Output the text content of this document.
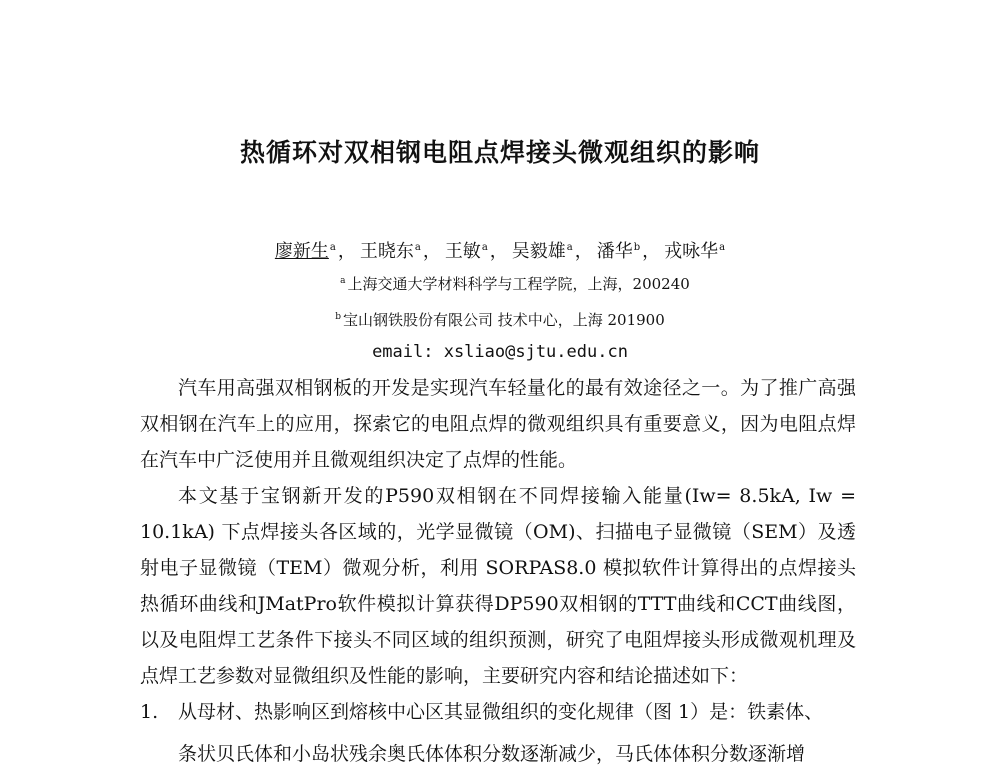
热循环对双相钢电阻点焊接头微观组织的影响
廖新生$^a$ ， 王晓东$^a$ ， 王敏$^a$ ， 吴毅雄$^a$ ， 潘华$^b$ ， 戎咏华$^a$
$^a$ 上海交通大学材料科学与工程学院，上海，200240
$^b$ 宝山钢铁股份有限公司 技术中心，上海 201900
email: xsliao@sjtu.edu.cn

汽车用高强双相钢板的开发是实现汽车轻量化的最有效途径之一。为了推广高强双相钢在汽车上的应用，探索它的电阻点焊的微观组织具有重要意义，因为电阻点焊在汽车中广泛使用并且微观组织决定了点焊的性能。

本文基于宝钢新开发的P590双相钢在不同焊接输入能量(Iw= 8.5kA, Iw = 10.1kA) 下点焊接头各区域的，光学显微镜（OM)、扫描电子显微镜（SEM）及透射电子显微镜（TEM）微观分析，利用 SORPAS8.0 模拟软件计算得出的点焊接头热循环曲线和JMatPro软件模拟计算获得DP590双相钢的TTT曲线和CCT曲线图，以及电阻焊工艺条件下接头不同区域的组织预测，研究了电阻焊接头形成微观机理及点焊工艺参数对显微组织及性能的影响，主要研究内容和结论描述如下：

1. 从母材、热影响区到熔核中心区其显微组织的变化规律（图 1）是：铁素体、
条状贝氏体和小岛状残余奥氏体体积分数逐渐减少，马氏体体积分数逐渐增
